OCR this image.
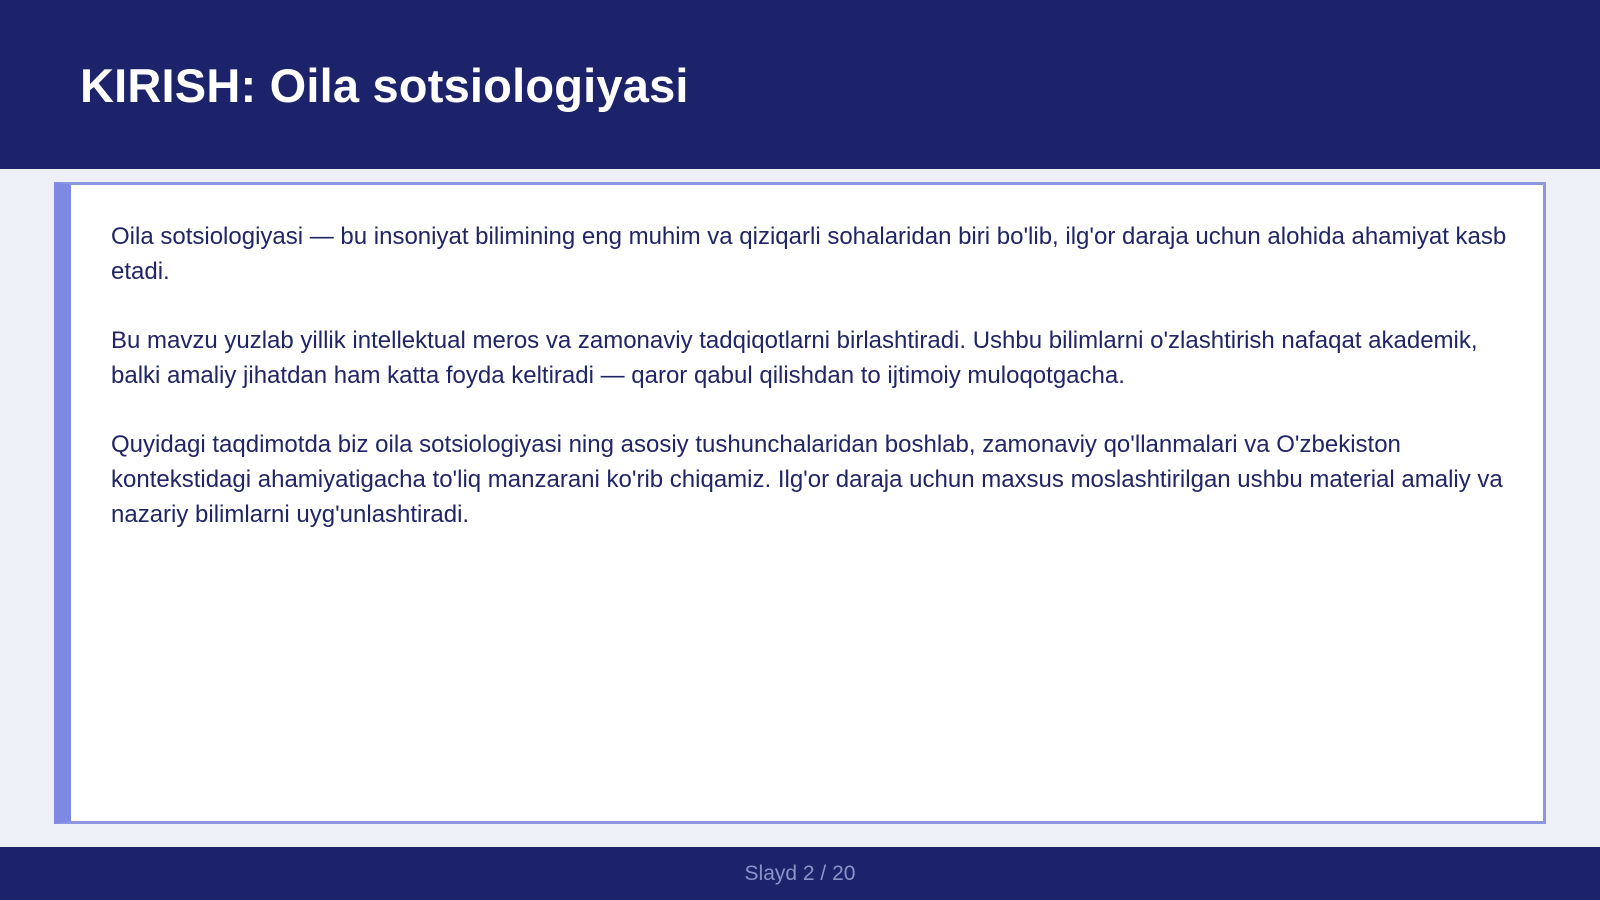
KIRISH: Oila sotsiologiyasi

Oila sotsiologiyasi — bu insoniyat bilimining eng muhim va qiziqarli sohalaridan biri bo'lib, ilg'or daraja uchun alohida ahamiyat kasb etadi.

Bu mavzu yuzlab yillik intellektual meros va zamonaviy tadqiqotlarni birlashtiradi. Ushbu bilimlarni o'zlashtirish nafaqat akademik, balki amaliy jihatdan ham katta foyda keltiradi — qaror qabul qilishdan to ijtimoiy muloqotgacha.

Quyidagi taqdimotda biz oila sotsiologiyasi ning asosiy tushunchalaridan boshlab, zamonaviy qo'llanmalari va O'zbekiston kontekstidagi ahamiyatigacha to'liq manzarani ko'rib chiqamiz. Ilg'or daraja uchun maxsus moslashtirilgan ushbu material amaliy va nazariy bilimlarni uyg'unlashtiradi.

Slayd 2 / 20
